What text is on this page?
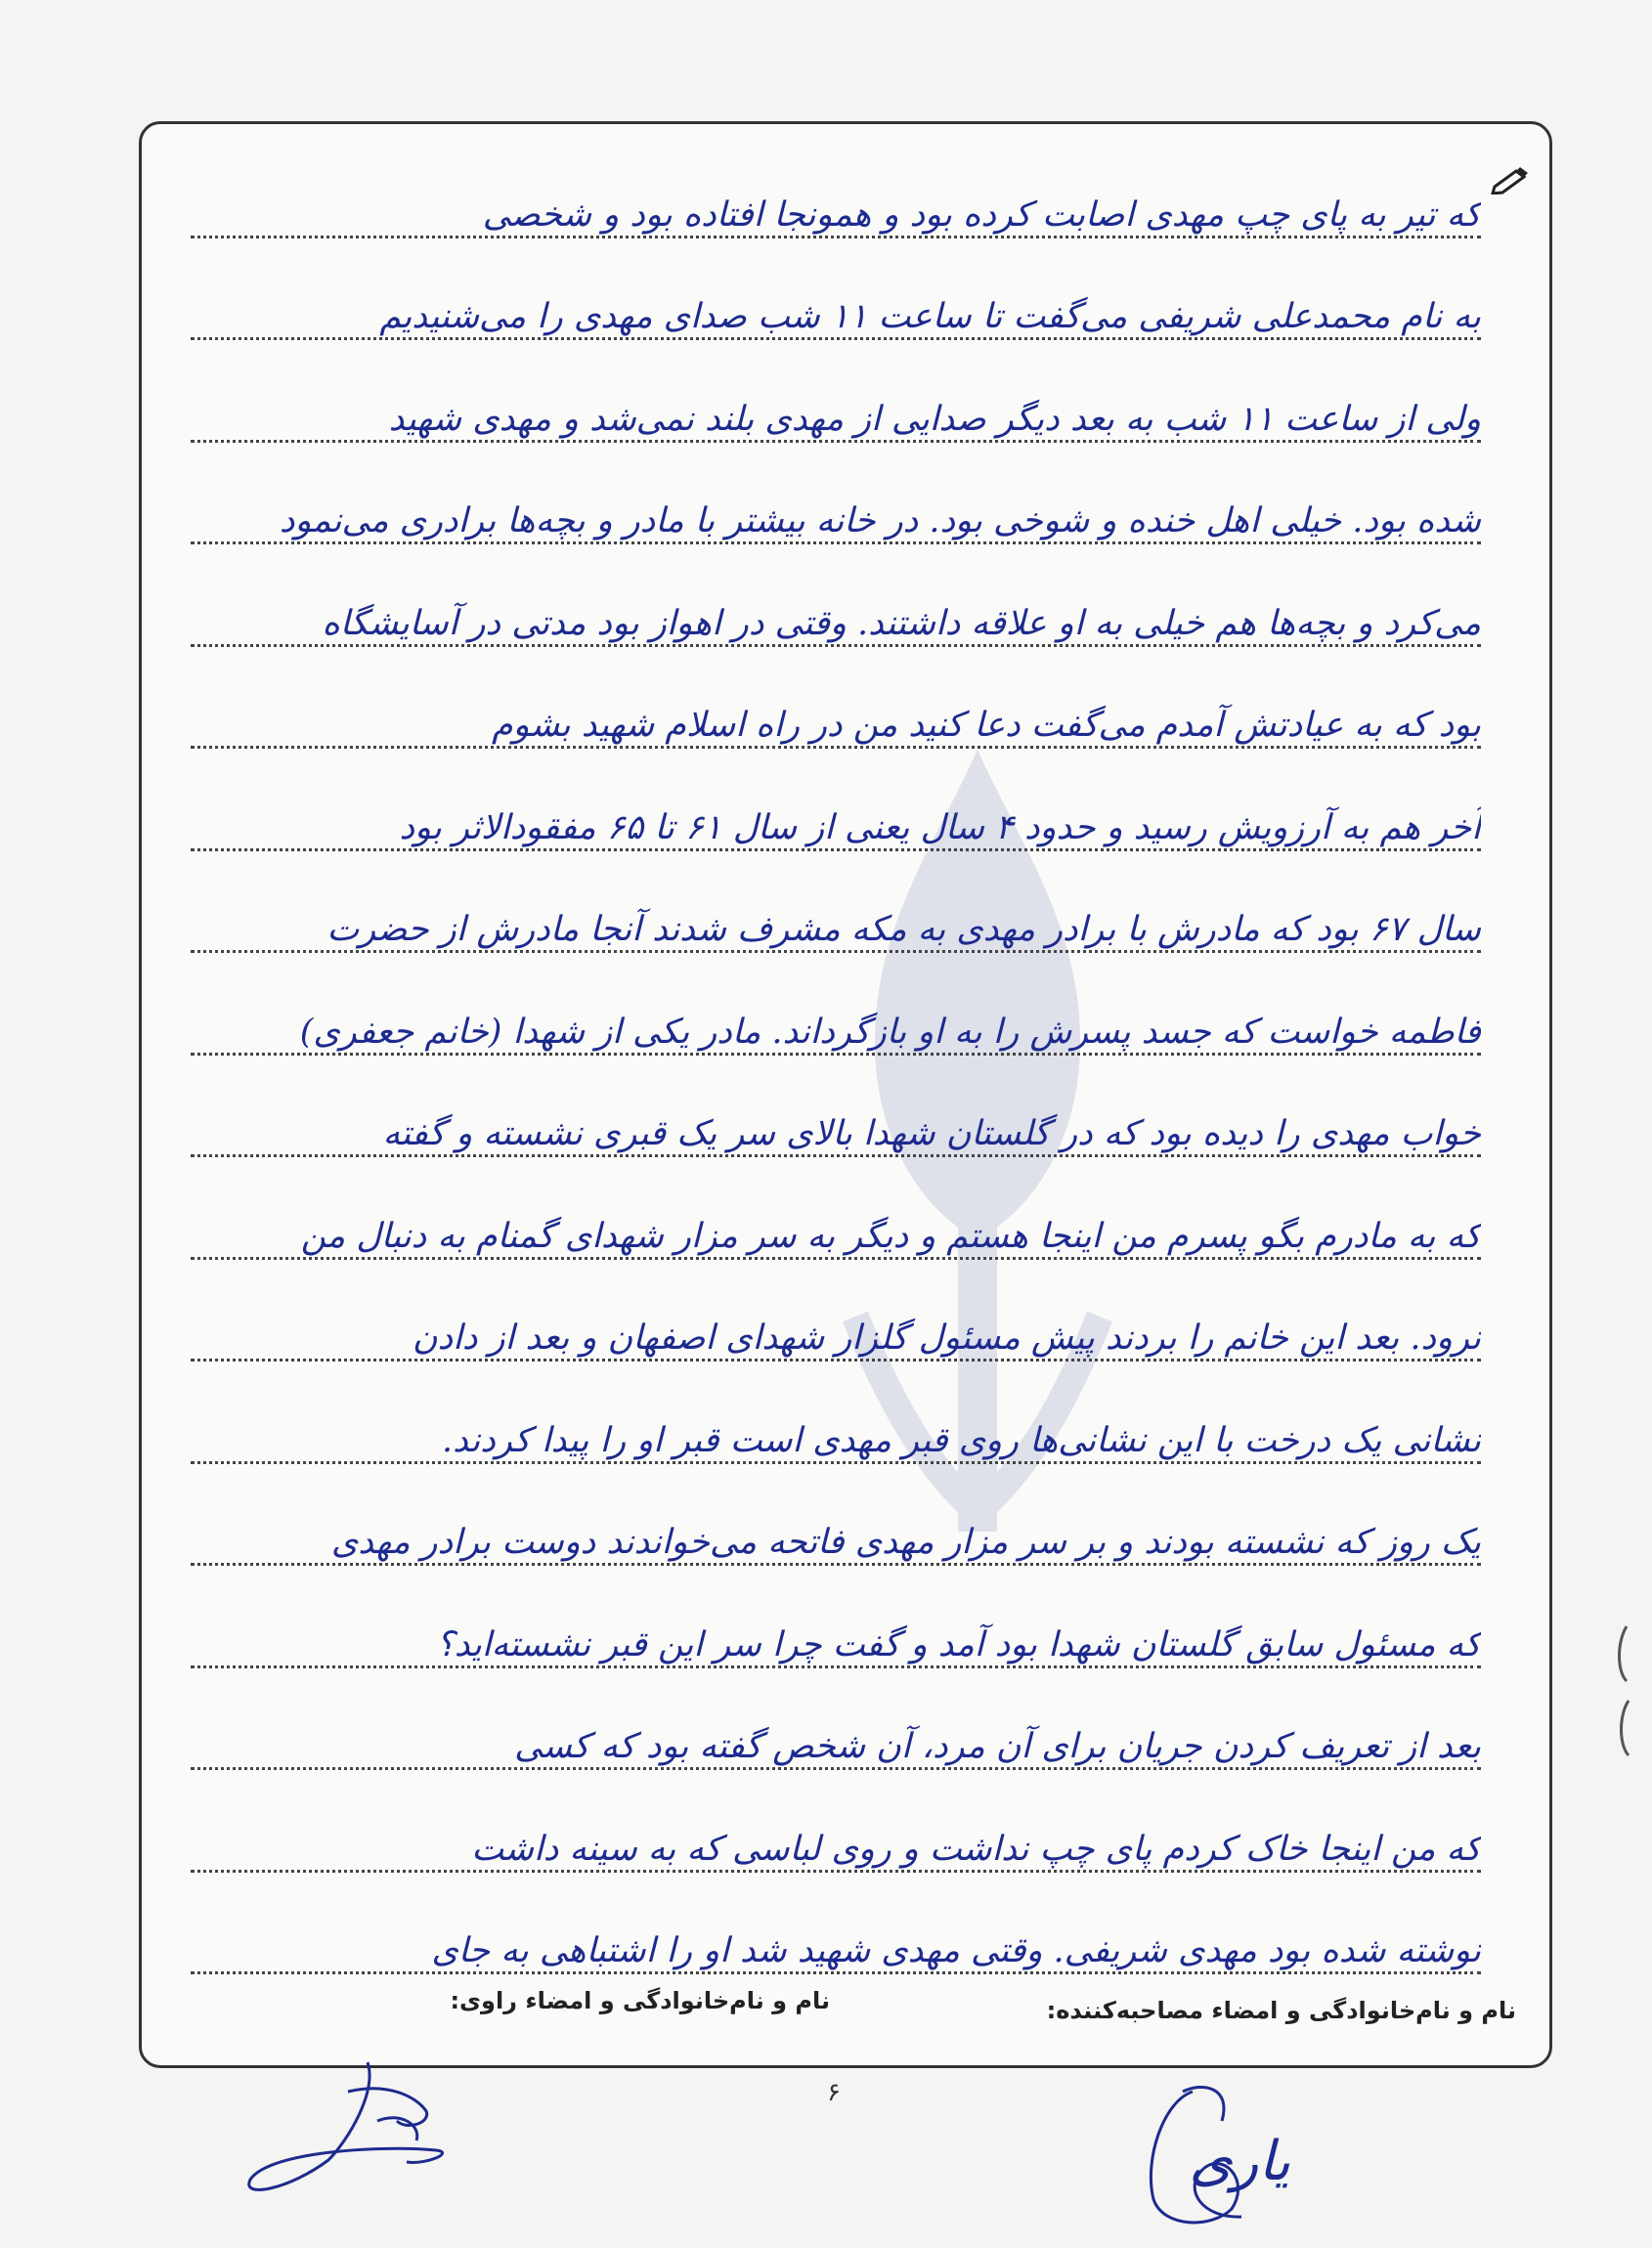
که تیر به پای چپ مهدی اصابت کرده بود و همونجا افتاده بود و شخصی
به نام محمدعلی شریفی می‌گفت تا ساعت ۱۱ شب صدای مهدی را می‌شنیدیم
ولی از ساعت ۱۱ شب به بعد دیگر صدایی از مهدی بلند نمی‌شد و مهدی شهید
شده بود. خیلی اهل خنده و شوخی بود. در خانه بیشتر با مادر و بچه‌ها برادری می‌نمود
می‌کرد و بچه‌ها هم خیلی به او علاقه داشتند. وقتی در اهواز بود مدتی در آسایشگاه
بود که به عیادتش آمدم می‌گفت دعا کنید من در راه اسلام شهید بشوم
آخر هم به آرزویش رسید و حدود ۴ سال یعنی از سال ۶۱ تا ۶۵ مفقودالاثر بود
سال ۶۷ بود که مادرش با برادر مهدی به مکه مشرف شدند آنجا مادرش از حضرت
فاطمه خواست که جسد پسرش را به او بازگرداند. مادر یکی از شهدا (خانم جعفری)
خواب مهدی را دیده بود که در گلستان شهدا بالای سر یک قبری نشسته و گفته
که به مادرم بگو پسرم من اینجا هستم و دیگر به سر مزار شهدای گمنام به دنبال من
نرود. بعد این خانم را بردند پیش مسئول گلزار شهدای اصفهان و بعد از دادن
نشانی یک درخت با این نشانی‌ها روی قبر مهدی است قبر او را پیدا کردند.
یک روز که نشسته بودند و بر سر مزار مهدی فاتحه می‌خواندند دوست برادر مهدی
که مسئول سابق گلستان شهدا بود آمد و گفت چرا سر این قبر نشسته‌اید؟
بعد از تعریف کردن جریان برای آن مرد، آن شخص گفته بود که کسی
که من اینجا خاک کردم پای چپ نداشت و روی لباسی که به سینه داشت
نوشته شده بود مهدی شریفی. وقتی مهدی شهید شد او را اشتباهی به جای
نام و نام‌خانوادگی و امضاء مصاحبه‌کننده:
نام و نام‌خانوادگی و امضاء راوی:
یاری
۶
